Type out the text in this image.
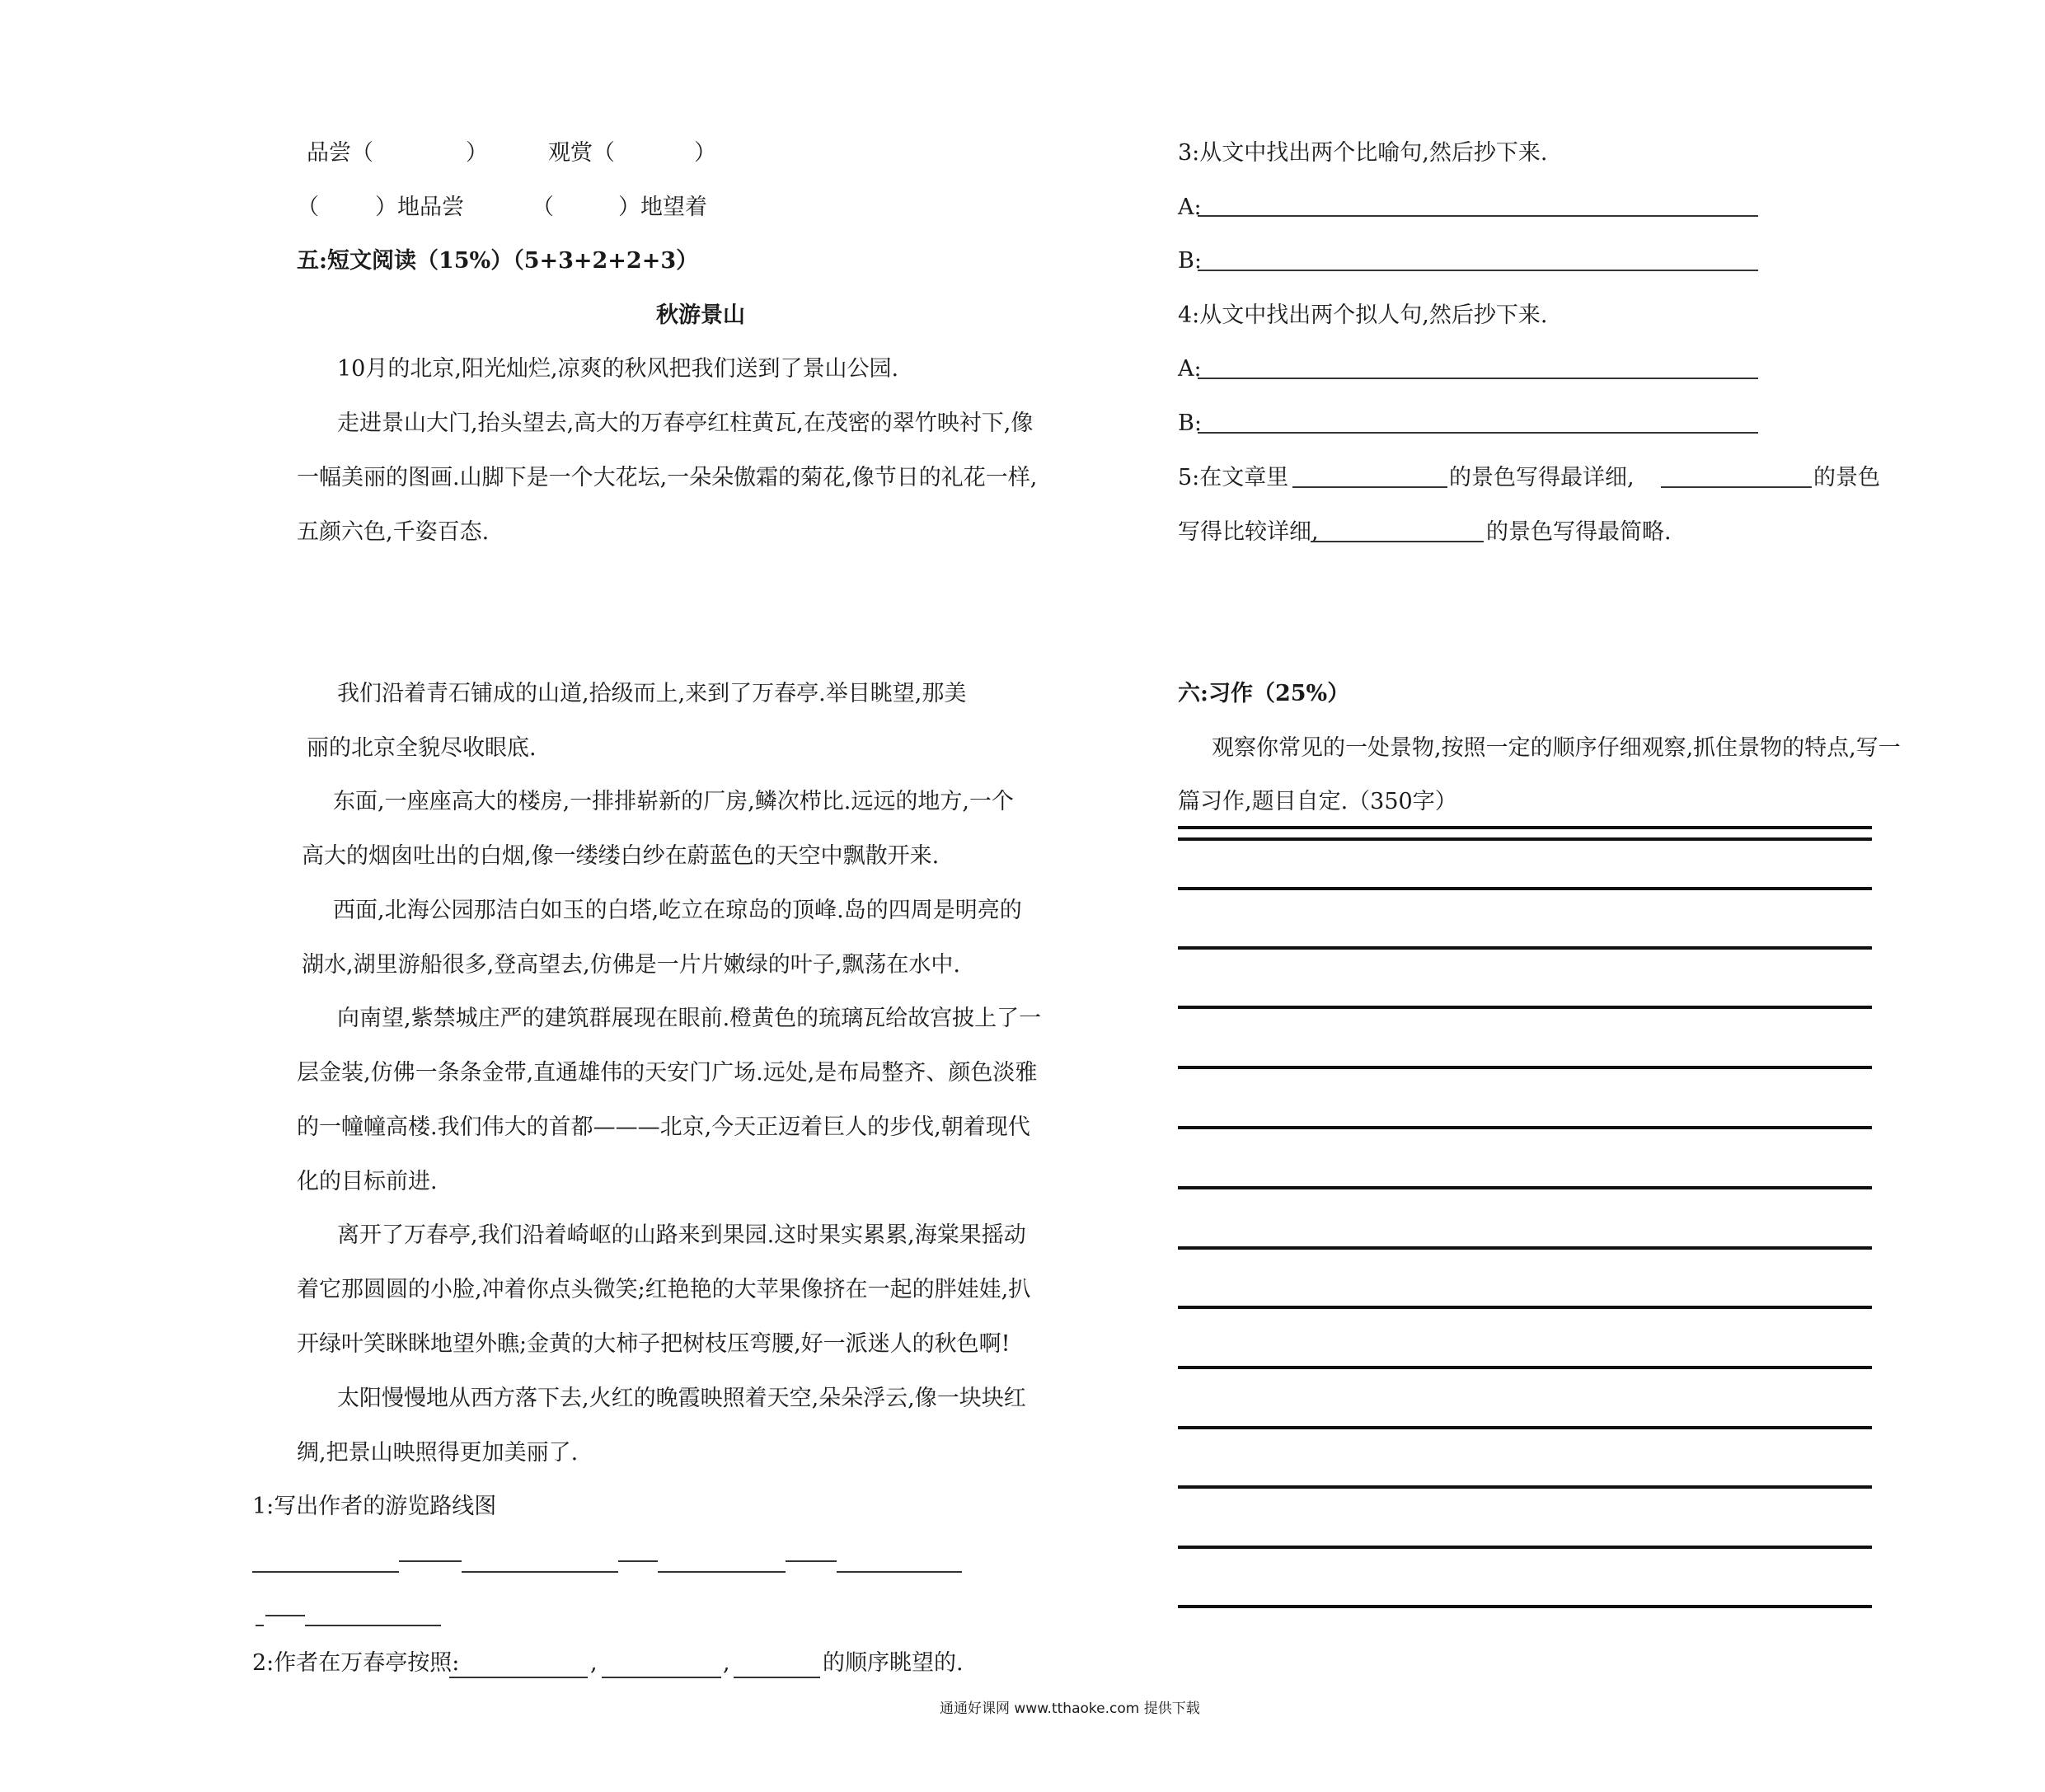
品尝（	）	观赏（	）
（	）地品尝	（	）地望着
五:短文阅读（15%）（5+3+2+2+3）
秋游景山
10月的北京,阳光灿烂,凉爽的秋风把我们送到了景山公园.
走进景山大门,抬头望去,高大的万春亭红柱黄瓦,在茂密的翠竹映衬下,像
一幅美丽的图画.山脚下是一个大花坛,一朵朵傲霜的菊花,像节日的礼花一样,
五颜六色,千姿百态.
我们沿着青石铺成的山道,拾级而上,来到了万春亭.举目眺望,那美
丽的北京全貌尽收眼底.
东面,一座座高大的楼房,一排排崭新的厂房,鳞次栉比.远远的地方,一个
高大的烟囱吐出的白烟,像一缕缕白纱在蔚蓝色的天空中飘散开来.
西面,北海公园那洁白如玉的白塔,屹立在琼岛的顶峰.岛的四周是明亮的
湖水,湖里游船很多,登高望去,仿佛是一片片嫩绿的叶子,飘荡在水中.
向南望,紫禁城庄严的建筑群展现在眼前.橙黄色的琉璃瓦给故宫披上了一
层金装,仿佛一条条金带,直通雄伟的天安门广场.远处,是布局整齐、颜色淡雅
的一幢幢高楼.我们伟大的首都———北京,今天正迈着巨人的步伐,朝着现代
化的目标前进.
离开了万春亭,我们沿着崎岖的山路来到果园.这时果实累累,海棠果摇动
着它那圆圆的小脸,冲着你点头微笑;红艳艳的大苹果像挤在一起的胖娃娃,扒
开绿叶笑眯眯地望外瞧;金黄的大柿子把树枝压弯腰,好一派迷人的秋色啊!
太阳慢慢地从西方落下去,火红的晚霞映照着天空,朵朵浮云,像一块块红
绸,把景山映照得更加美丽了.
1:写出作者的游览路线图
2:作者在万春亭按照:	,	,	的顺序眺望的.
3:从文中找出两个比喻句,然后抄下来.
A:
B:
4:从文中找出两个拟人句,然后抄下来.
A:
B:
5:在文章里	的景色写得最详细,	的景色
写得比较详细,	的景色写得最简略.
六:习作（25%）
观察你常见的一处景物,按照一定的顺序仔细观察,抓住景物的特点,写一
篇习作,题目自定.（350字）
通通好课网 www.tthaoke.com 提供下载
